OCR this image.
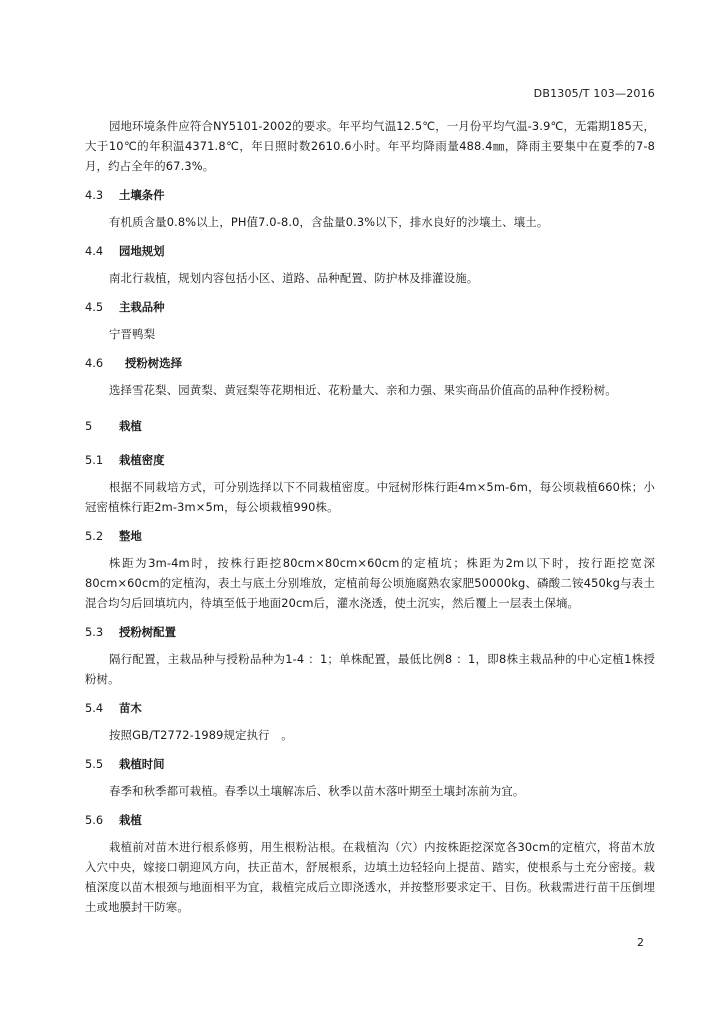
DB1305/T 103—2016

园地环境条件应符合NY5101-2002的要求。年平均气温12.5℃，一月份平均气温-3.9℃，无霜期185天，大于10℃的年积温4371.8℃，年日照时数2610.6小时。年平均降雨量488.4㎜，降雨主要集中在夏季的7-8月，约占全年的67.3%。

4.3	土壤条件

有机质含量0.8%以上，PH值7.0-8.0，含盐量0.3%以下，排水良好的沙壤土、壤土。

4.4	园地规划

南北行栽植，规划内容包括小区、道路、品种配置、防护林及排灌设施。

4.5	主栽品种

宁晋鸭梨

4.6	授粉树选择

选择雪花梨、园黄梨、黄冠梨等花期相近、花粉量大、亲和力强、果实商品价值高的品种作授粉树。

5	栽植
5.1	栽植密度

根据不同栽培方式，可分别选择以下不同栽植密度。中冠树形株行距4m×5m-6m，每公顷栽植660株；小冠密植株行距2m-3m×5m，每公顷栽植990株。

5.2	整地

株距为3m-4m时，按株行距挖80cm×80cm×60cm的定植坑；株距为2m以下时，按行距挖宽深80cm×60cm的定植沟，表土与底土分别堆放，定植前每公顷施腐熟农家肥50000kg、磷酸二铵450kg与表土混合均匀后回填坑内，待填至低于地面20cm后，灌水浇透，使土沉实，然后覆上一层表土保墒。

5.3	授粉树配置

隔行配置，主栽品种与授粉品种为1-4 ：1；单株配置，最低比例8 ：1，即8株主栽品种的中心定植1株授粉树。

5.4	苗木

按照GB/T2772-1989规定执行　。

5.5	栽植时间

春季和秋季都可栽植。春季以土壤解冻后、秋季以苗木落叶期至土壤封冻前为宜。

5.6	栽植

栽植前对苗木进行根系修剪，用生根粉沾根。在栽植沟（穴）内按株距挖深宽各30cm的定植穴，将苗木放入穴中央，嫁接口朝迎风方向，扶正苗木，舒展根系，边填土边轻轻向上提苗、踏实，使根系与土充分密接。栽植深度以苗木根颈与地面相平为宜，栽植完成后立即浇透水，并按整形要求定干、目伤。秋栽需进行苗干压倒埋土或地膜封干防寒。

2
